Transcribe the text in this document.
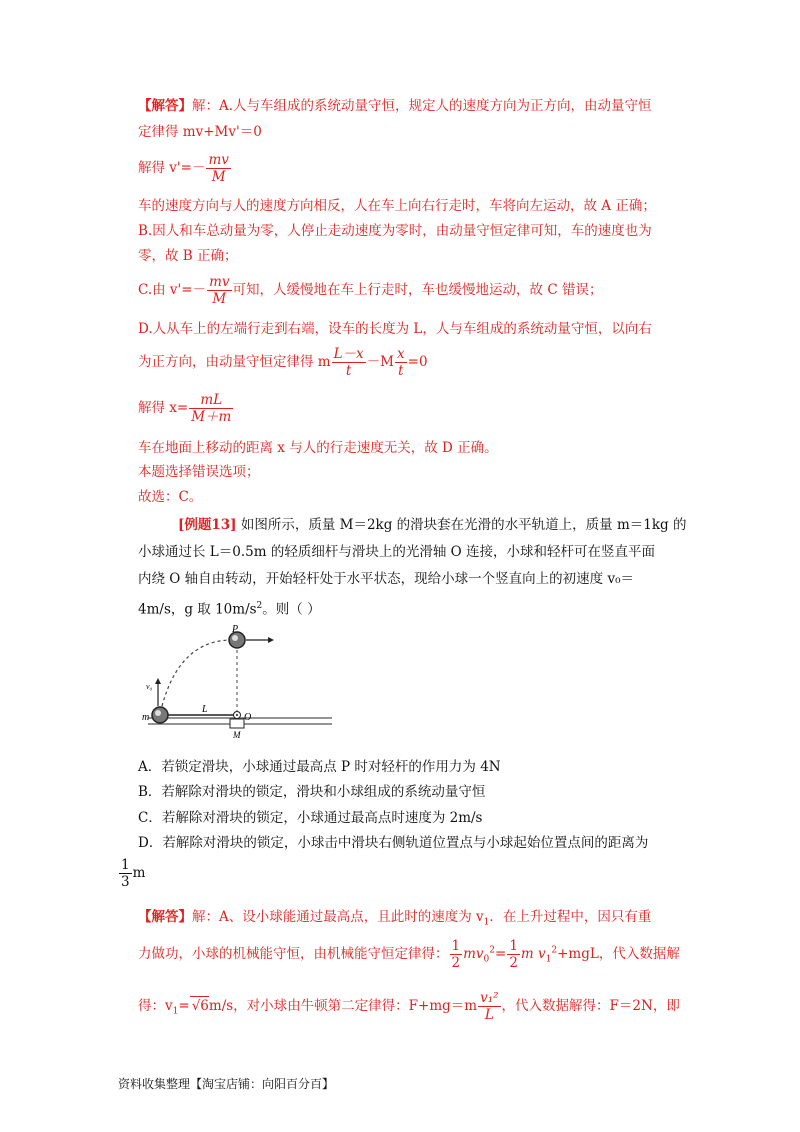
【解答】解：A.人与车组成的系统动量守恒，规定人的速度方向为正方向，由动量守恒
定律得 mv+Mv'＝0
解得 $v'=- \frac{mv}{M}$
车的速度方向与人的速度方向相反，人在车上向右行走时，车将向左运动，故 A 正确；
B.因人和车总动量为零，人停止走动速度为零时，由动量守恒定律可知，车的速度也为
零，故 B 正确；
C.由 $v'=- \frac{mv}{M}$ 可知，人缓慢地在车上行走时，车也缓慢地运动，故 C 错误；
D.人从车上的左端行走到右端，设车的长度为 L，人与车组成的系统动量守恒，以向右
为正方向，由动量守恒定律得 m $\frac{L-x}{t} -M \frac{x}{t} =0$
解得 $x= \frac{mL}{M+m}$
车在地面上移动的距离 x 与人的行走速度无关，故 D 正确。
本题选择错误选项；
故选：C。
[例题13] 如图所示，质量 M＝2kg 的滑块套在光滑的水平轨道上，质量 m＝1kg 的
小球通过长 L＝0.5m 的轻质细杆与滑块上的光滑轴 O 连接，小球和轻杆可在竖直平面
内绕 O 轴自由转动，开始轻杆处于水平状态，现给小球一个竖直向上的初速度 v₀＝
4m/s，g 取 $10m/s^2$。则（ ）
P
v₀
m
L
O
M
A．若锁定滑块，小球通过最高点 P 时对轻杆的作用力为 4N
B．若解除对滑块的锁定，滑块和小球组成的系统动量守恒
C．若解除对滑块的锁定，小球通过最高点时速度为 2m/s
D．若解除对滑块的锁定，小球击中滑块右侧轨道位置点与小球起始位置点间的距离为
$\frac{1}{3}$ m
【解答】解：A、设小球能通过最高点，且此时的速度为 $v_1$．在上升过程中，因只有重
力做功，小球的机械能守恒，由机械能守恒定律得： $\frac{1}{2} mv_0^2= \frac{1}{2}$ m $v_1^2+mgL$，代入数据解
得：$v_1= √6m/s$，对小球由牛顿第二定律得：$F+mg=m \frac{\text{v₁²}}{L}$ ，代入数据解得：F＝2N，即
资料收集整理【淘宝店铺：向阳百分百】
